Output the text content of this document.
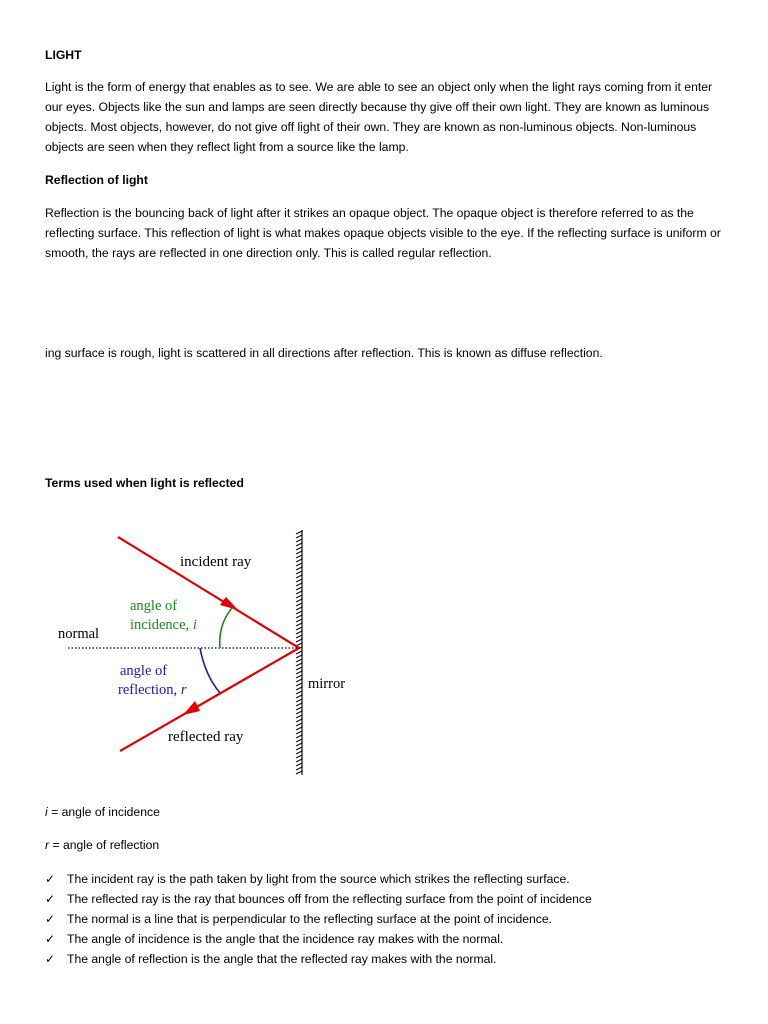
LIGHT
Light is the form of energy that enables as to see. We are able to see an object only when the light rays coming from it enter our eyes. Objects like the sun and lamps are seen directly because thy give off their own light. They are known as luminous objects. Most objects, however, do not give off light of their own. They are known as non-luminous objects. Non-luminous objects are seen when they reflect light from a source like the lamp.
Reflection of light
Reflection is the bouncing back of light after it strikes an opaque object. The opaque object is therefore referred to as the reflecting surface. This reflection of light is what makes opaque objects visible to the eye. If the reflecting surface is uniform or smooth, the rays are reflected in one direction only. This is called regular reflection.
ing surface is rough, light is scattered in all directions after reflection. This is known as diffuse reflection.
Terms used when light is reflected
incident ray
angle of
incidence, i
normal
angle of
reflection, r	mirror
reflected ray
i = angle of incidence
r = angle of reflection
✓ The incident ray is the path taken by light from the source which strikes the reflecting surface.
✓ The reflected ray is the ray that bounces off from the reflecting surface from the point of incidence
✓ The normal is a line that is perpendicular to the reflecting surface at the point of incidence.
✓ The angle of incidence is the angle that the incidence ray makes with the normal.
✓ The angle of reflection is the angle that the reflected ray makes with the normal.
